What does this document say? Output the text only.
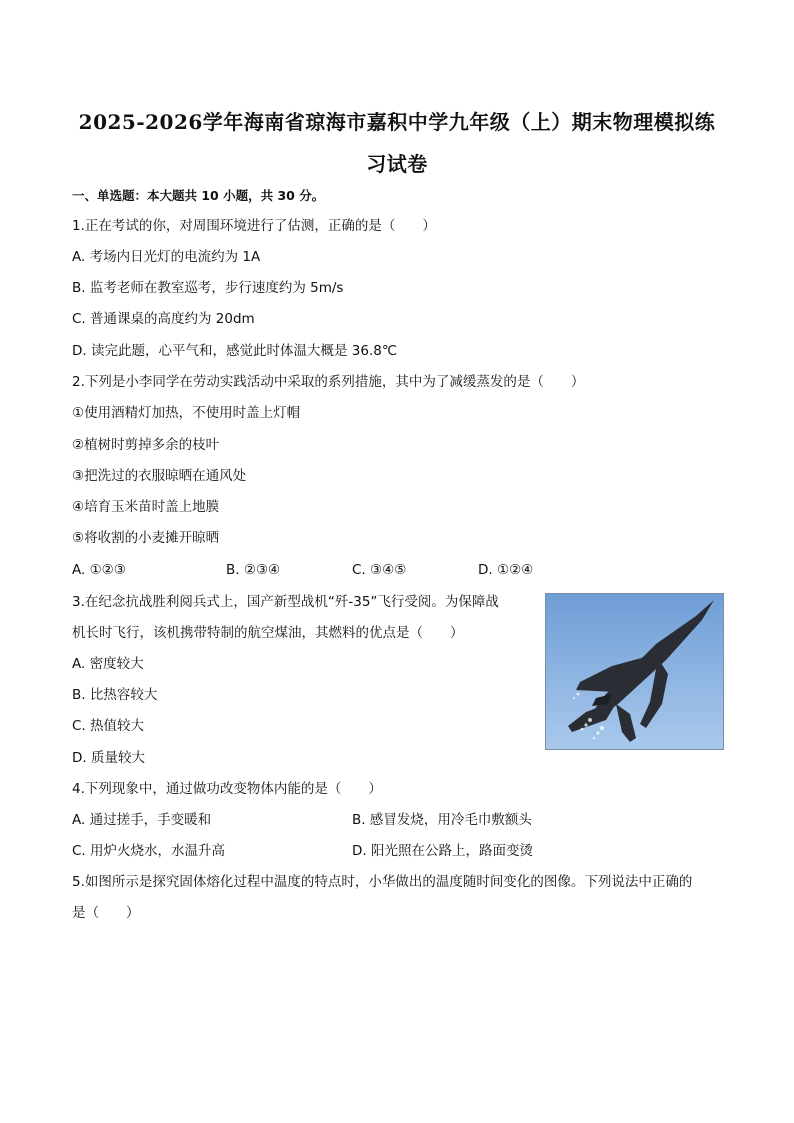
2025-2026学年海南省琼海市嘉积中学九年级（上）期末物理模拟练
习试卷
一、单选题：本大题共 10 小题，共 30 分。
1.正在考试的你，对周围环境进行了估测，正确的是（　　）
A. 考场内日光灯的电流约为 1A
B. 监考老师在教室巡考，步行速度约为 5m/s
C. 普通课桌的高度约为 20dm
D. 读完此题，心平气和，感觉此时体温大概是 36.8℃
2.下列是小李同学在劳动实践活动中采取的系列措施，其中为了减缓蒸发的是（　　）
①使用酒精灯加热，不使用时盖上灯帽
②植树时剪掉多余的枝叶
③把洗过的衣服晾晒在通风处
④培育玉米苗时盖上地膜
⑤将收割的小麦摊开晾晒
A. ①②③	B. ②③④	C. ③④⑤	D. ①②④
3.在纪念抗战胜利阅兵式上，国产新型战机“歼-35”飞行受阅。为保障战
机长时飞行，该机携带特制的航空煤油，其燃料的优点是（　　）
A. 密度较大
B. 比热容较大
C. 热值较大
D. 质量较大
4.下列现象中，通过做功改变物体内能的是（　　）
A. 通过搓手，手变暖和	B. 感冒发烧，用冷毛巾敷额头
C. 用炉火烧水，水温升高	D. 阳光照在公路上，路面变烫
5.如图所示是探究固体熔化过程中温度的特点时，小华做出的温度随时间变化的图像。下列说法中正确的
是（　　）
